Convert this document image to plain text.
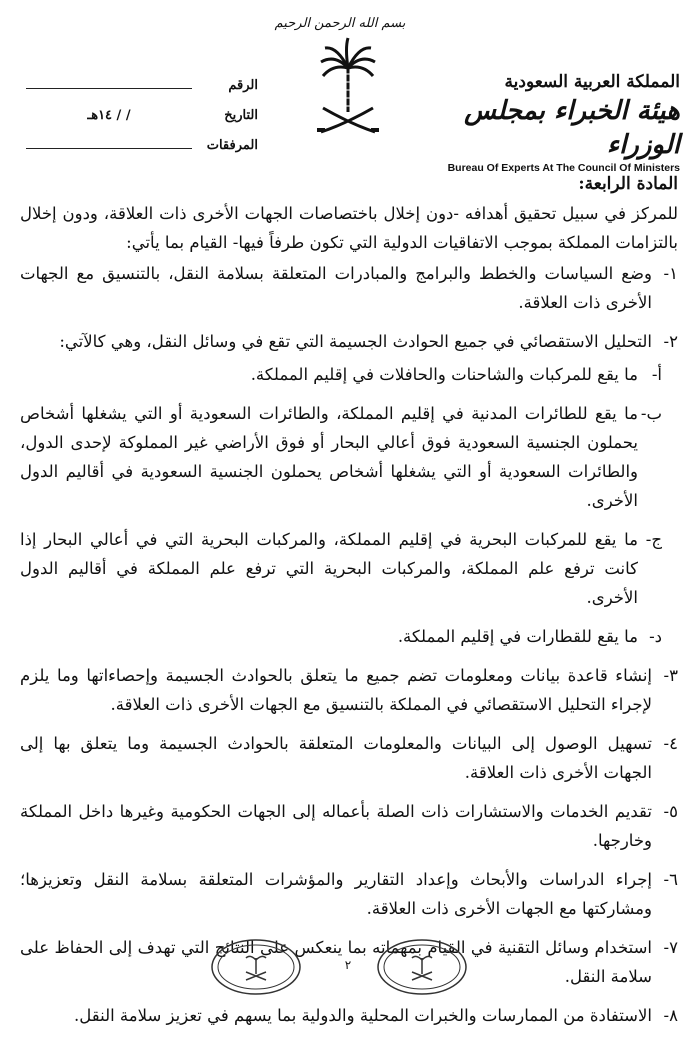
بسم الله الرحمن الرحيم
الرقم
التاريخ
/ / ١٤هـ
المرفقات
المملكة العربية السعودية
هيئة الخبراء بمجلس الوزراء
Bureau Of Experts At The Council Of Ministers
المادة الرابعة:

للمركز في سبيل تحقيق أهدافه -دون إخلال باختصاصات الجهات الأخرى ذات العلاقة، ودون إخلال بالتزامات المملكة بموجب الاتفاقيات الدولية التي تكون طرفاً فيها- القيام بما يأتي:

١-
وضع السياسات والخطط والبرامج والمبادرات المتعلقة بسلامة النقل، بالتنسيق مع الجهات الأخرى ذات العلاقة.
٢-
التحليل الاستقصائي في جميع الحوادث الجسيمة التي تقع في وسائل النقل، وهي كالآتي:
أ-
ما يقع للمركبات والشاحنات والحافلات في إقليم المملكة.
ب-
ما يقع للطائرات المدنية في إقليم المملكة، والطائرات السعودية أو التي يشغلها أشخاص يحملون الجنسية السعودية فوق أعالي البحار أو فوق الأراضي غير المملوكة لإحدى الدول، والطائرات السعودية أو التي يشغلها أشخاص يحملون الجنسية السعودية في أقاليم الدول الأخرى.
ج-
ما يقع للمركبات البحرية في إقليم المملكة، والمركبات البحرية التي في أعالي البحار إذا كانت ترفع علم المملكة، والمركبات البحرية التي ترفع علم المملكة في أقاليم الدول الأخرى.
د-
ما يقع للقطارات في إقليم المملكة.
٣-
إنشاء قاعدة بيانات ومعلومات تضم جميع ما يتعلق بالحوادث الجسيمة وإحصاءاتها وما يلزم لإجراء التحليل الاستقصائي في المملكة بالتنسيق مع الجهات الأخرى ذات العلاقة.
٤-
تسهيل الوصول إلى البيانات والمعلومات المتعلقة بالحوادث الجسيمة وما يتعلق بها إلى الجهات الأخرى ذات العلاقة.
٥-
تقديم الخدمات والاستشارات ذات الصلة بأعماله إلى الجهات الحكومية وغيرها داخل المملكة وخارجها.
٦-
إجراء الدراسات والأبحاث وإعداد التقارير والمؤشرات المتعلقة بسلامة النقل وتعزيزها؛ ومشاركتها مع الجهات الأخرى ذات العلاقة.
٧-
استخدام وسائل التقنية في القيام بمهماته بما ينعكس على النتائج التي تهدف إلى الحفاظ على سلامة النقل.
٨-
الاستفادة من الممارسات والخبرات المحلية والدولية بما يسهم في تعزيز سلامة النقل.
٢
